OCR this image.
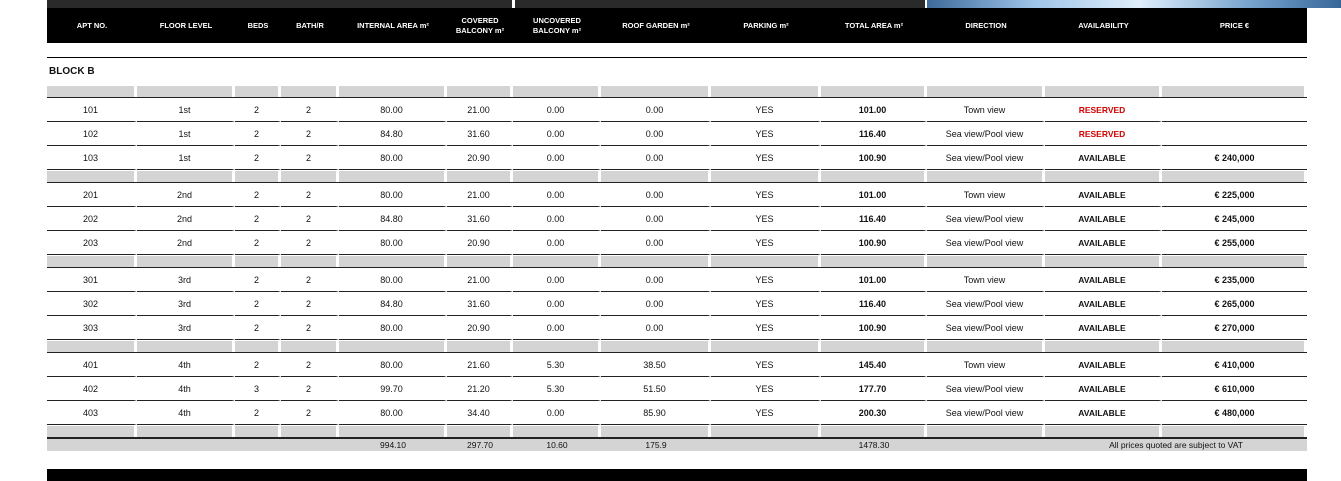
APT NO.	FLOOR LEVEL	BEDS	BATH/R	INTERNAL AREA m²	COVERED BALCONY m²	UNCOVERED BALCONY m²	ROOF GARDEN m²	PARKING m²	TOTAL AREA m²	DIRECTION	AVAILABILITY	PRICE €

BLOCK B												

101	1st	2	2	80.00	21.00	0.00	0.00	YES	101.00	Town view	RESERVED	
102	1st	2	2	84.80	31.60	0.00	0.00	YES	116.40	Sea view/Pool view	RESERVED	
103	1st	2	2	80.00	20.90	0.00	0.00	YES	100.90	Sea view/Pool view	AVAILABLE	€ 240,000

201	2nd	2	2	80.00	21.00	0.00	0.00	YES	101.00	Town view	AVAILABLE	€ 225,000
202	2nd	2	2	84.80	31.60	0.00	0.00	YES	116.40	Sea view/Pool view	AVAILABLE	€ 245,000
203	2nd	2	2	80.00	20.90	0.00	0.00	YES	100.90	Sea view/Pool view	AVAILABLE	€ 255,000

301	3rd	2	2	80.00	21.00	0.00	0.00	YES	101.00	Town view	AVAILABLE	€ 235,000
302	3rd	2	2	84.80	31.60	0.00	0.00	YES	116.40	Sea view/Pool view	AVAILABLE	€ 265,000
303	3rd	2	2	80.00	20.90	0.00	0.00	YES	100.90	Sea view/Pool view	AVAILABLE	€ 270,000

401	4th	2	2	80.00	21.60	5.30	38.50	YES	145.40	Town view	AVAILABLE	€ 410,000
402	4th	3	2	99.70	21.20	5.30	51.50	YES	177.70	Sea view/Pool view	AVAILABLE	€ 610,000
403	4th	2	2	80.00	34.40	0.00	85.90	YES	200.30	Sea view/Pool view	AVAILABLE	€ 480,000

				994.10	297.70	10.60	175.9		1478.30		All prices quoted are subject to VAT	
